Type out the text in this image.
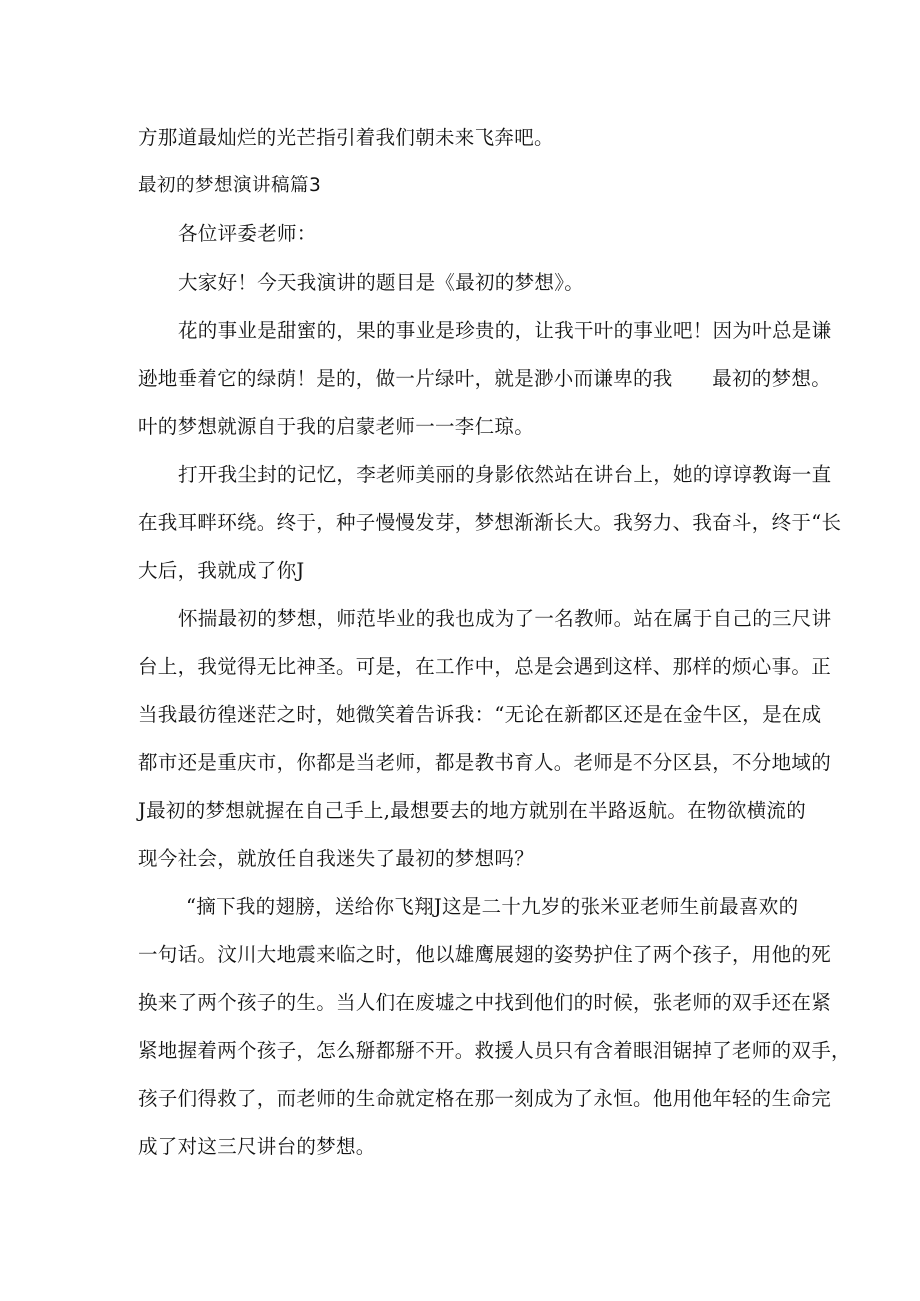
方那道最灿烂的光芒指引着我们朝未来飞奔吧。
最初的梦想演讲稿篇3
各位评委老师：
大家好！今天我演讲的题目是《最初的梦想》。
花的事业是甜蜜的，果的事业是珍贵的，让我干叶的事业吧！因为叶总是谦
逊地垂着它的绿荫！是的，做一片绿叶，就是渺小而谦卑的我　　最初的梦想。
叶的梦想就源自于我的启蒙老师一一李仁琼。
打开我尘封的记忆，李老师美丽的身影依然站在讲台上，她的谆谆教诲一直
在我耳畔环绕。终于，种子慢慢发芽，梦想渐渐长大。我努力、我奋斗，终于“长
大后，我就成了你J
怀揣最初的梦想，师范毕业的我也成为了一名教师。站在属于自己的三尺讲
台上，我觉得无比神圣。可是，在工作中，总是会遇到这样、那样的烦心事。正
当我最彷徨迷茫之时，她微笑着告诉我：“无论在新都区还是在金牛区，是在成
都市还是重庆市，你都是当老师，都是教书育人。老师是不分区县，不分地域的
J最初的梦想就握在自己手上,最想要去的地方就别在半路返航。在物欲横流的
现今社会，就放任自我迷失了最初的梦想吗？
“摘下我的翅膀，送给你飞翔J这是二十九岁的张米亚老师生前最喜欢的
一句话。汶川大地震来临之时，他以雄鹰展翅的姿势护住了两个孩子，用他的死
换来了两个孩子的生。当人们在废墟之中找到他们的时候，张老师的双手还在紧
紧地握着两个孩子，怎么掰都掰不开。救援人员只有含着眼泪锯掉了老师的双手，
孩子们得救了，而老师的生命就定格在那一刻成为了永恒。他用他年轻的生命完
成了对这三尺讲台的梦想。
